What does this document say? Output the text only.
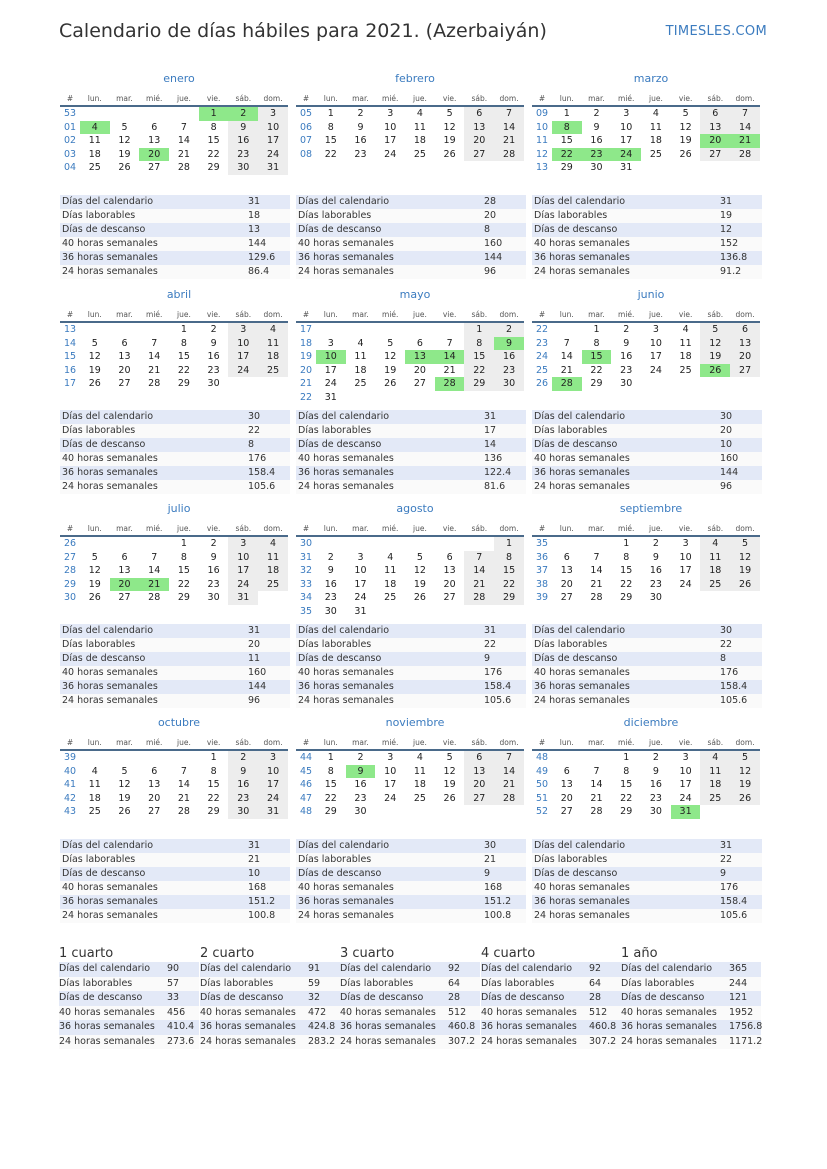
Calendario de días hábiles para 2021. (Azerbaiyán)	TIMESLES.COM
enero
#	lun.	mar.	mié.	jue.	vie.	sáb.	dom.
53					1	2	3
01	4	5	6	7	8	9	10
02	11	12	13	14	15	16	17
03	18	19	20	21	22	23	24
04	25	26	27	28	29	30	31
Días del calendario	31
Días laborables	18
Días de descanso	13
40 horas semanales	144
36 horas semanales	129.6
24 horas semanales	86.4
febrero
#	lun.	mar.	mié.	jue.	vie.	sáb.	dom.
05	1	2	3	4	5	6	7
06	8	9	10	11	12	13	14
07	15	16	17	18	19	20	21
08	22	23	24	25	26	27	28
Días del calendario	28
Días laborables	20
Días de descanso	8
40 horas semanales	160
36 horas semanales	144
24 horas semanales	96
marzo
#	lun.	mar.	mié.	jue.	vie.	sáb.	dom.
09	1	2	3	4	5	6	7
10	8	9	10	11	12	13	14
11	15	16	17	18	19	20	21
12	22	23	24	25	26	27	28
13	29	30	31				
Días del calendario	31
Días laborables	19
Días de descanso	12
40 horas semanales	152
36 horas semanales	136.8
24 horas semanales	91.2
abril
#	lun.	mar.	mié.	jue.	vie.	sáb.	dom.
13				1	2	3	4
14	5	6	7	8	9	10	11
15	12	13	14	15	16	17	18
16	19	20	21	22	23	24	25
17	26	27	28	29	30		
Días del calendario	30
Días laborables	22
Días de descanso	8
40 horas semanales	176
36 horas semanales	158.4
24 horas semanales	105.6
mayo
#	lun.	mar.	mié.	jue.	vie.	sáb.	dom.
17						1	2
18	3	4	5	6	7	8	9
19	10	11	12	13	14	15	16
20	17	18	19	20	21	22	23
21	24	25	26	27	28	29	30
22	31						
Días del calendario	31
Días laborables	17
Días de descanso	14
40 horas semanales	136
36 horas semanales	122.4
24 horas semanales	81.6
junio
#	lun.	mar.	mié.	jue.	vie.	sáb.	dom.
22		1	2	3	4	5	6
23	7	8	9	10	11	12	13
24	14	15	16	17	18	19	20
25	21	22	23	24	25	26	27
26	28	29	30				
Días del calendario	30
Días laborables	20
Días de descanso	10
40 horas semanales	160
36 horas semanales	144
24 horas semanales	96
julio
#	lun.	mar.	mié.	jue.	vie.	sáb.	dom.
26				1	2	3	4
27	5	6	7	8	9	10	11
28	12	13	14	15	16	17	18
29	19	20	21	22	23	24	25
30	26	27	28	29	30	31	
Días del calendario	31
Días laborables	20
Días de descanso	11
40 horas semanales	160
36 horas semanales	144
24 horas semanales	96
agosto
#	lun.	mar.	mié.	jue.	vie.	sáb.	dom.
30							1
31	2	3	4	5	6	7	8
32	9	10	11	12	13	14	15
33	16	17	18	19	20	21	22
34	23	24	25	26	27	28	29
35	30	31					
Días del calendario	31
Días laborables	22
Días de descanso	9
40 horas semanales	176
36 horas semanales	158.4
24 horas semanales	105.6
septiembre
#	lun.	mar.	mié.	jue.	vie.	sáb.	dom.
35			1	2	3	4	5
36	6	7	8	9	10	11	12
37	13	14	15	16	17	18	19
38	20	21	22	23	24	25	26
39	27	28	29	30			
Días del calendario	30
Días laborables	22
Días de descanso	8
40 horas semanales	176
36 horas semanales	158.4
24 horas semanales	105.6
octubre
#	lun.	mar.	mié.	jue.	vie.	sáb.	dom.
39					1	2	3
40	4	5	6	7	8	9	10
41	11	12	13	14	15	16	17
42	18	19	20	21	22	23	24
43	25	26	27	28	29	30	31
Días del calendario	31
Días laborables	21
Días de descanso	10
40 horas semanales	168
36 horas semanales	151.2
24 horas semanales	100.8
noviembre
#	lun.	mar.	mié.	jue.	vie.	sáb.	dom.
44	1	2	3	4	5	6	7
45	8	9	10	11	12	13	14
46	15	16	17	18	19	20	21
47	22	23	24	25	26	27	28
48	29	30					
Días del calendario	30
Días laborables	21
Días de descanso	9
40 horas semanales	168
36 horas semanales	151.2
24 horas semanales	100.8
diciembre
#	lun.	mar.	mié.	jue.	vie.	sáb.	dom.
48			1	2	3	4	5
49	6	7	8	9	10	11	12
50	13	14	15	16	17	18	19
51	20	21	22	23	24	25	26
52	27	28	29	30	31		
Días del calendario	31
Días laborables	22
Días de descanso	9
40 horas semanales	176
36 horas semanales	158.4
24 horas semanales	105.6
1 cuarto
Días del calendario 90
Días laborables	57
Días de descanso	33
40 horas semanales 456
36 horas semanales 410.4
24 horas semanales 273.6
2 cuarto
Días del calendario 91
Días laborables	59
Días de descanso	32
40 horas semanales 472
36 horas semanales 424.8
24 horas semanales 283.2
3 cuarto
Días del calendario 92
Días laborables	64
Días de descanso	28
40 horas semanales 512
36 horas semanales 460.8
24 horas semanales 307.2
4 cuarto
Días del calendario 92
Días laborables	64
Días de descanso	28
40 horas semanales 512
36 horas semanales 460.8
24 horas semanales 307.2
1 año
Días del calendario 365
Días laborables	244
Días de descanso	121
40 horas semanales 1952
36 horas semanales 1756.8
24 horas semanales 1171.2
